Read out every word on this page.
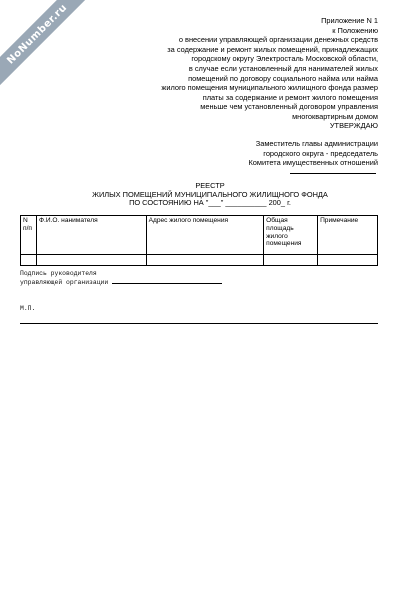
NoNumber.ru	Приложение N 1
к Положению
о внесении управляющей организации денежных средств
за содержание и ремонт жилых помещений, принадлежащих
городскому округу Электросталь Московской области,
в случае если установленный для нанимателей жилых
помещений по договору социального найма или найма
жилого помещения муниципального жилищного фонда размер
платы за содержание и ремонт жилого помещения
меньше чем установленный договором управления
многоквартирным домом
УТВЕРЖДАЮ
Заместитель главы администрации
городского округа - председатель
Комитета имущественных отношений
РЕЕСТР
ЖИЛЫХ ПОМЕЩЕНИЙ МУНИЦИПАЛЬНОГО ЖИЛИЩНОГО ФОНДА
ПО СОСТОЯНИЮ НА "___" __________ 200_ г.
N п/п	Ф.И.О. нанимателя	Адрес жилого помещения	Общая площадь жилого помещения	Примечание

Подпись руководителя
управляющей организации
М.П.
